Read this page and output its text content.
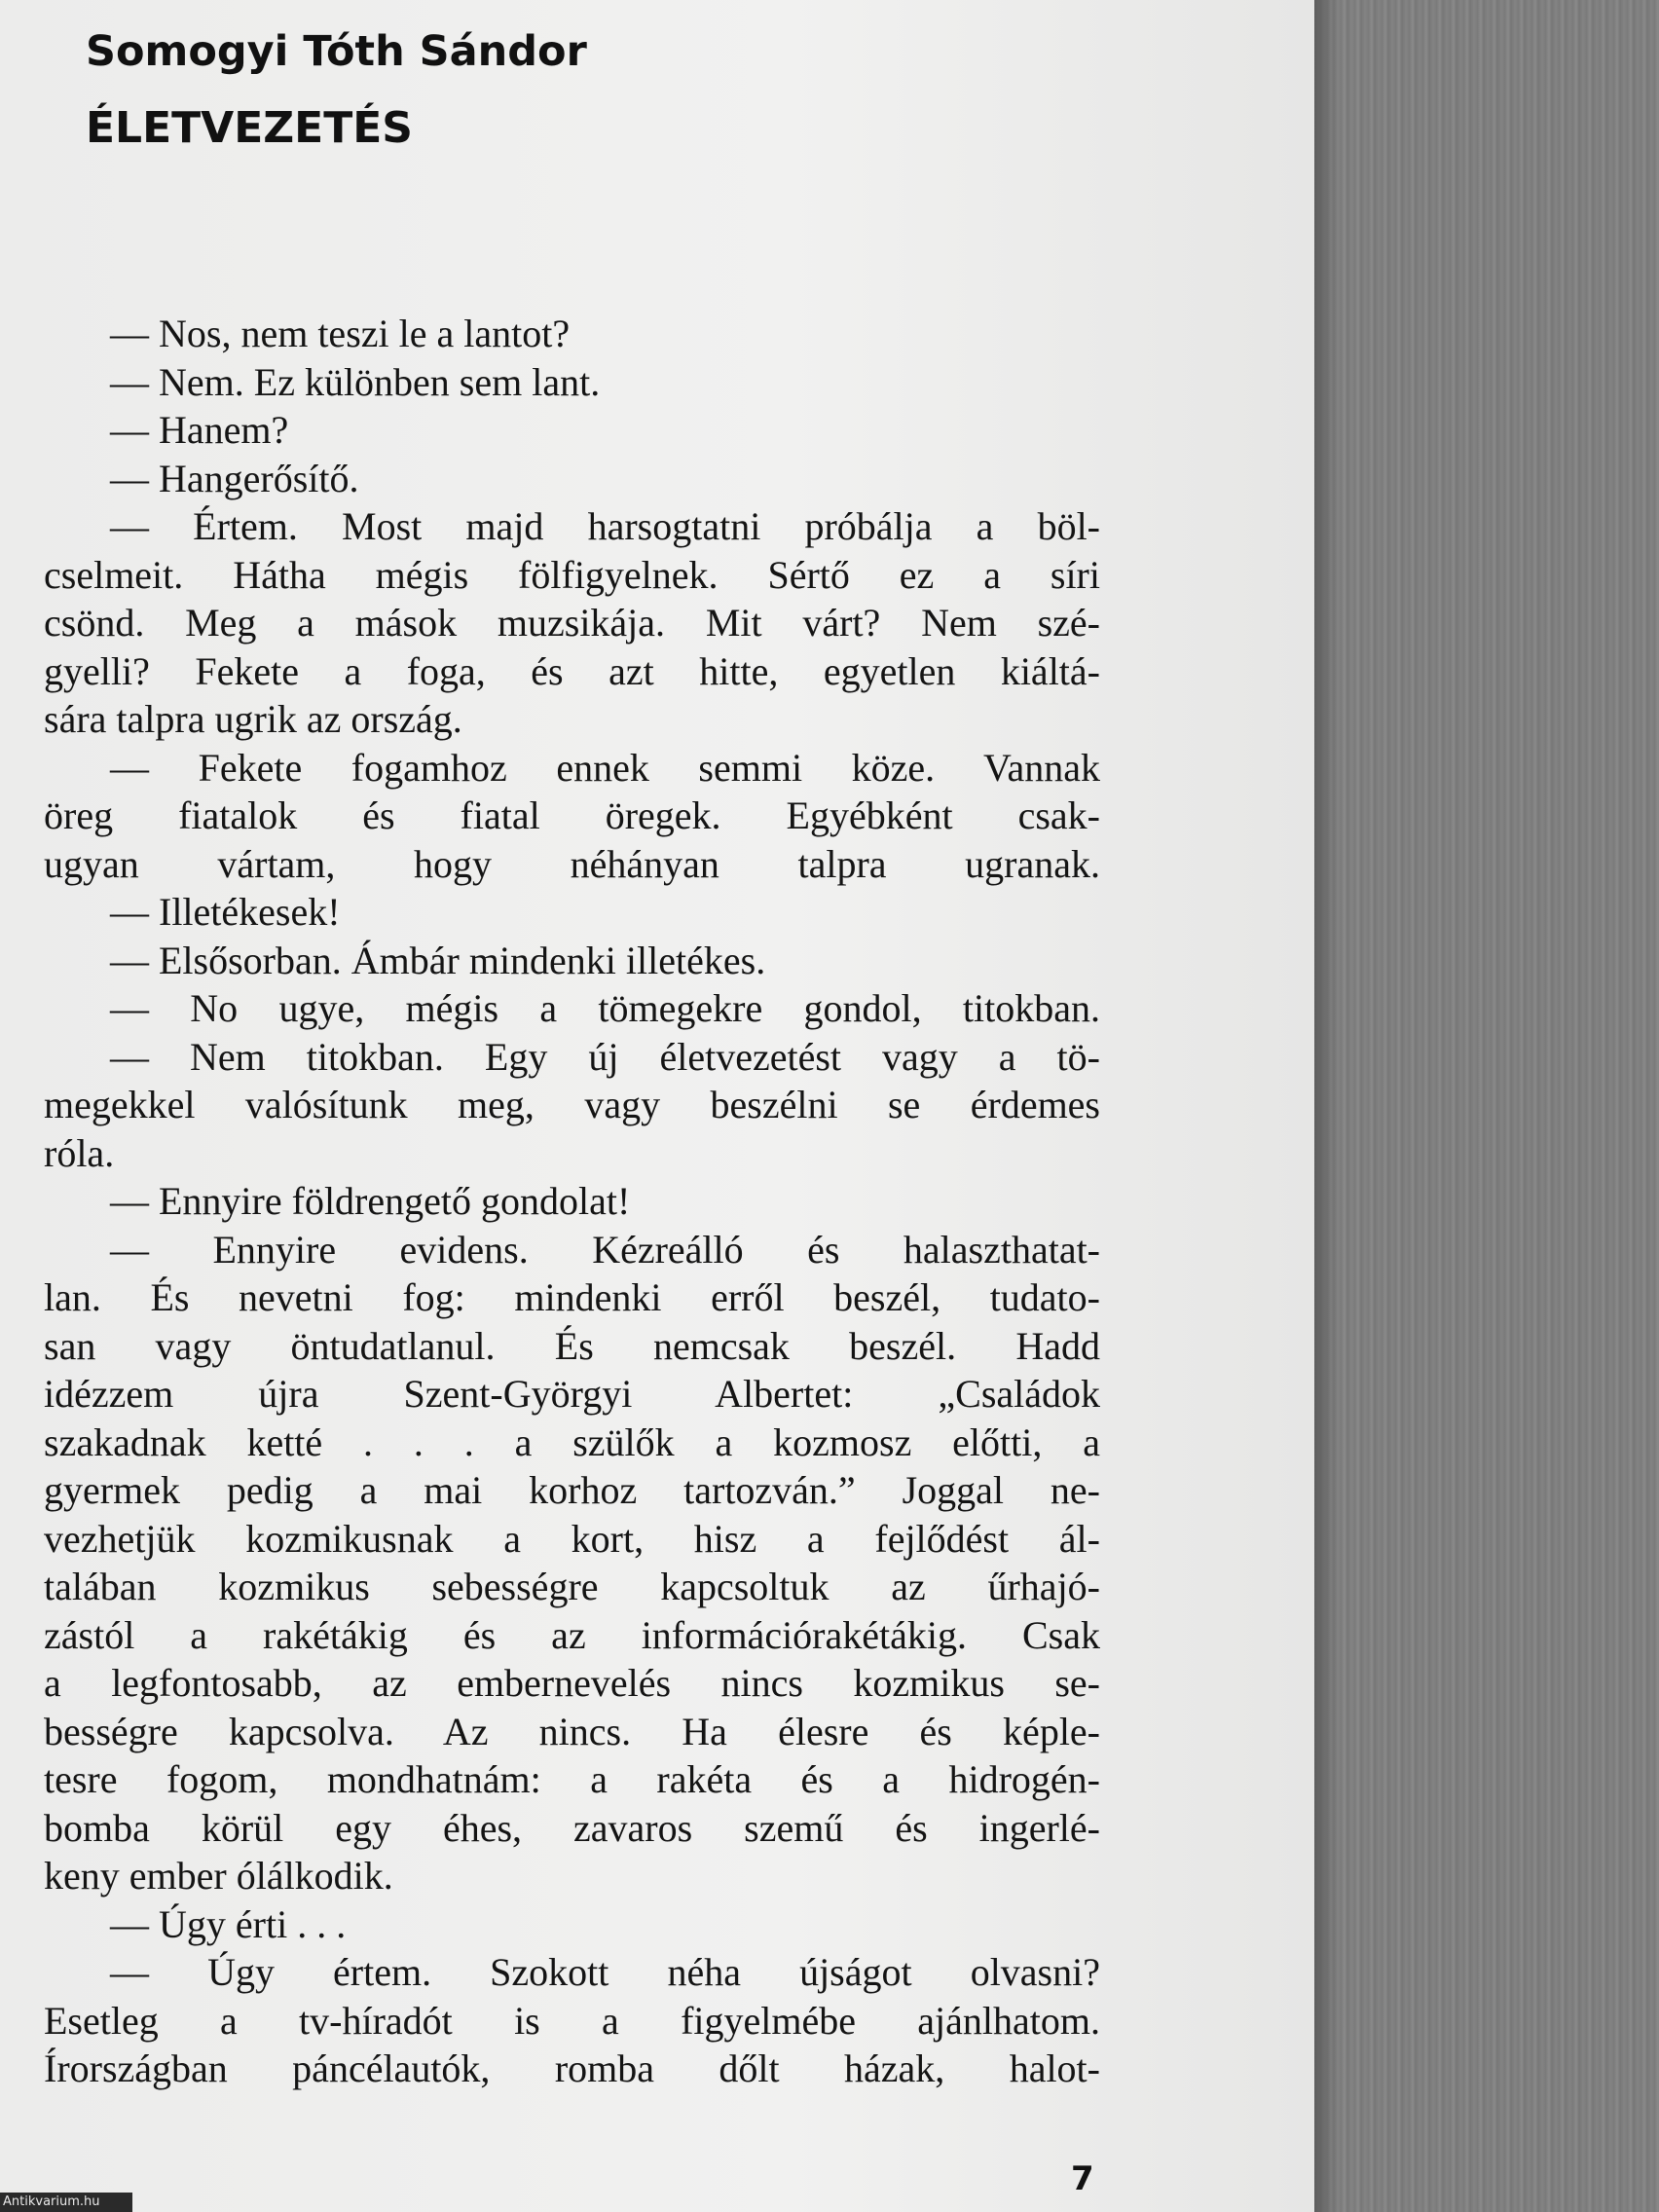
Somogyi Tóth Sándor
ÉLETVEZETÉS
— Nos, nem teszi le a lantot?
— Nem. Ez különben sem lant.
— Hanem?
— Hangerősítő.
— Értem. Most majd harsogtatni próbálja a böl-
cselmeit. Hátha mégis fölfigyelnek. Sértő ez a síri
csönd. Meg a mások muzsikája. Mit várt? Nem szé-
gyelli? Fekete a foga, és azt hitte, egyetlen kiáltá-
sára talpra ugrik az ország.
— Fekete fogamhoz ennek semmi köze. Vannak
öreg fiatalok és fiatal öregek. Egyébként csak-
ugyan vártam, hogy néhányan talpra ugranak.
— Illetékesek!
— Elsősorban. Ámbár mindenki illetékes.
— No ugye, mégis a tömegekre gondol, titokban.
— Nem titokban. Egy új életvezetést vagy a tö-
megekkel valósítunk meg, vagy beszélni se érdemes
róla.
— Ennyire földrengető gondolat!
— Ennyire evidens. Kézreálló és halaszthatat-
lan. És nevetni fog: mindenki erről beszél, tudato-
san vagy öntudatlanul. És nemcsak beszél. Hadd
idézzem újra Szent-Györgyi Albertet: „Családok
szakadnak ketté . . . a szülők a kozmosz előtti, a
gyermek pedig a mai korhoz tartozván.” Joggal ne-
vezhetjük kozmikusnak a kort, hisz a fejlődést ál-
talában kozmikus sebességre kapcsoltuk az űrhajó-
zástól a rakétákig és az információrakétákig. Csak
a legfontosabb, az embernevelés nincs kozmikus se-
bességre kapcsolva. Az nincs. Ha élesre és képle-
tesre fogom, mondhatnám: a rakéta és a hidrogén-
bomba körül egy éhes, zavaros szemű és ingerlé-
keny ember ólálkodik.
— Úgy érti . . .
— Úgy értem. Szokott néha újságot olvasni?
Esetleg a tv-híradót is a figyelmébe ajánlhatom.
Írországban páncélautók, romba dőlt házak, halot-
7
Antikvarium.hu
